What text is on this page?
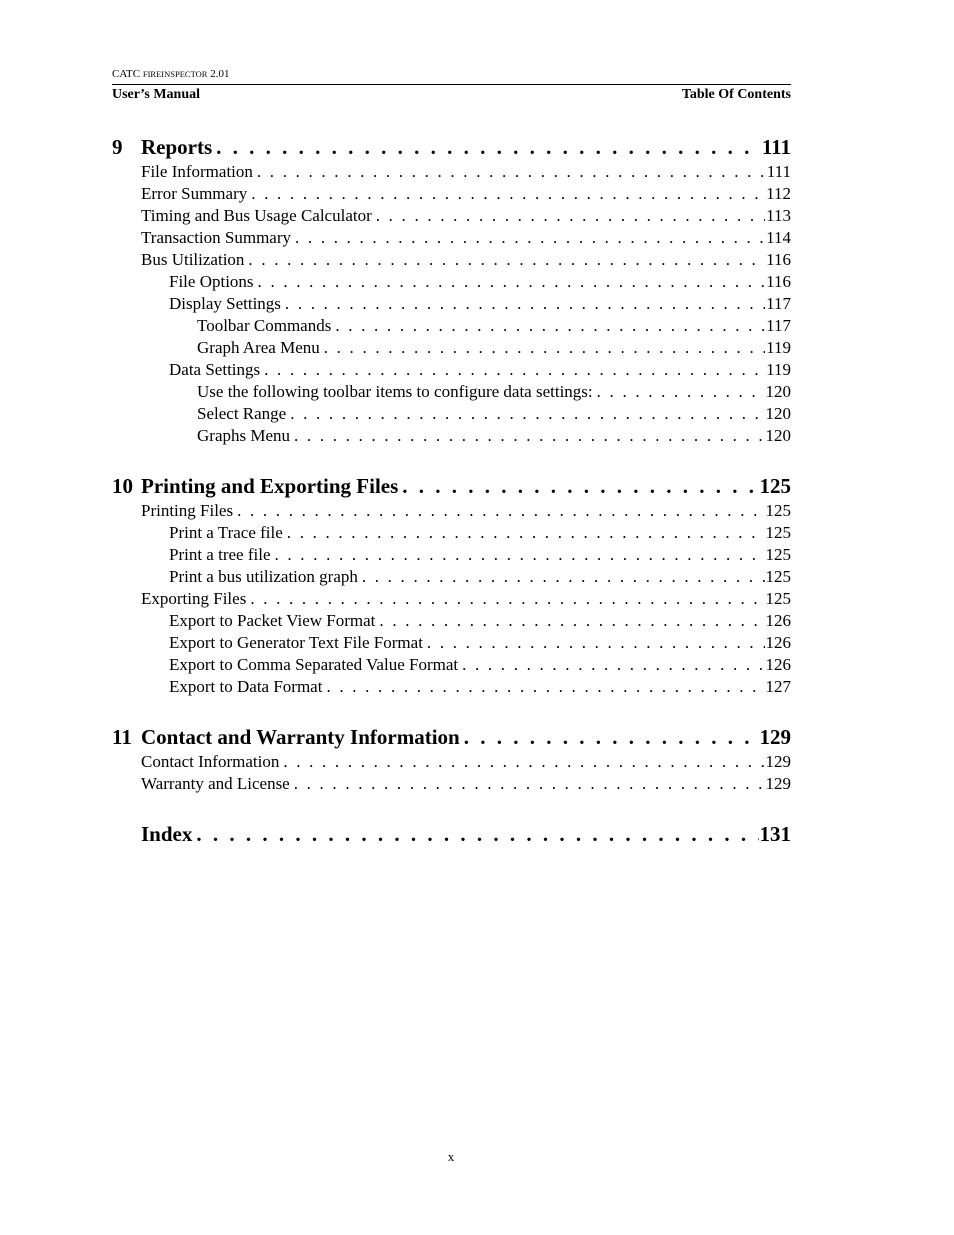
CATC FIREINSPECTOR 2.01
User’s Manual	Table Of Contents
9 Reports . . .	111
File Information . . .	111
Error Summary . . .	112
Timing and Bus Usage Calculator . . .	113
Transaction Summary . . .	114
Bus Utilization . . .	116
File Options . . .	116
Display Settings . . .	117
Toolbar Commands . . .	117
Graph Area Menu . . .	119
Data Settings . . .	119
Use the following toolbar items to configure data settings: . . .	120
Select Range . . .	120
Graphs Menu . . .	120
10 Printing and Exporting Files . . .	125
Printing Files . . .	125
Print a Trace file . . .	125
Print a tree file . . .	125
Print a bus utilization graph . . .	125
Exporting Files . . .	125
Export to Packet View Format . . .	126
Export to Generator Text File Format . . .	126
Export to Comma Separated Value Format . . .	126
Export to Data Format . . .	127
11 Contact and Warranty Information . . .	129
Contact Information . . .	129
Warranty and License . . .	129
Index . . .	131
x
